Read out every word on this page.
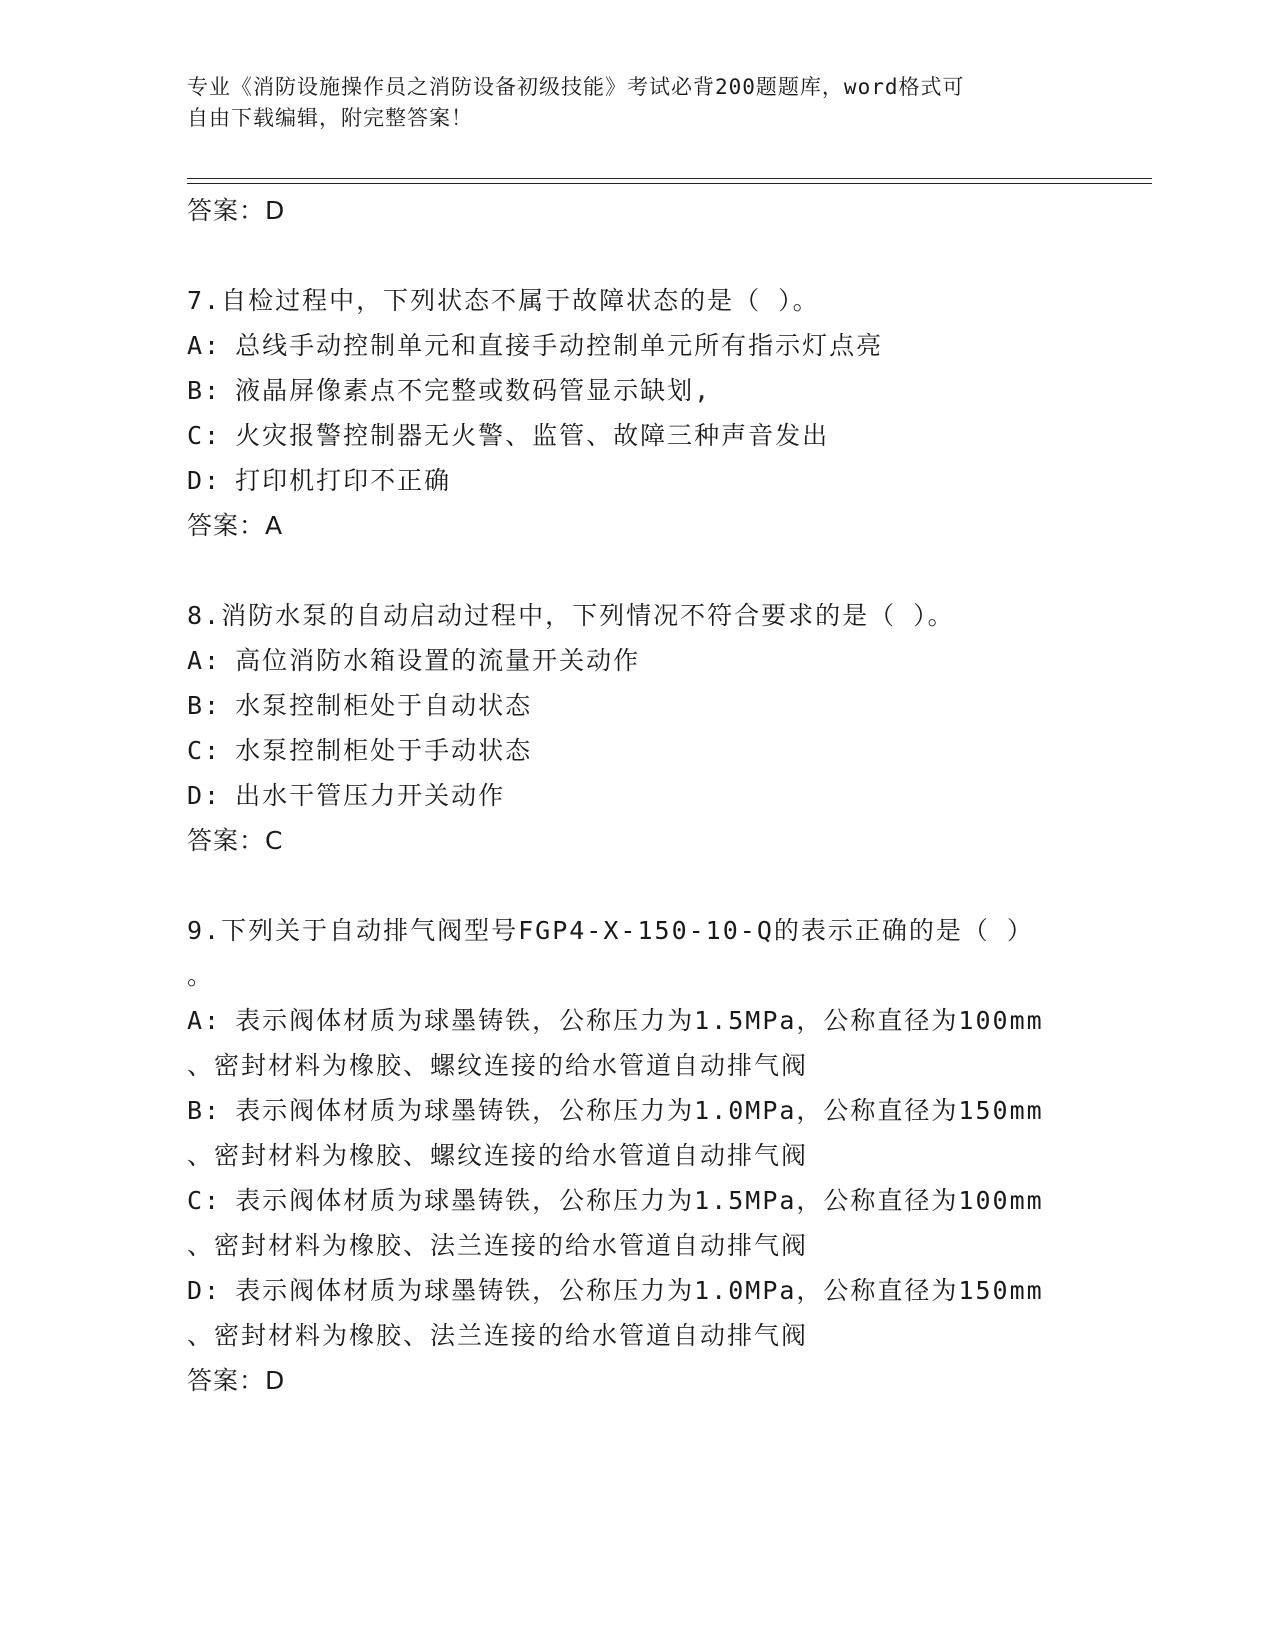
专业《消防设施操作员之消防设备初级技能》考试必背200题题库，word格式可
自由下载编辑，附完整答案！
答案：D
7.自检过程中，下列状态不属于故障状态的是（ ）。
A: 总线手动控制单元和直接手动控制单元所有指示灯点亮
B: 液晶屏像素点不完整或数码管显示缺划,
C: 火灾报警控制器无火警、监管、故障三种声音发出
D: 打印机打印不正确
答案：A
8.消防水泵的自动启动过程中，下列情况不符合要求的是（ ）。
A: 高位消防水箱设置的流量开关动作
B: 水泵控制柜处于自动状态
C: 水泵控制柜处于手动状态
D: 出水干管压力开关动作
答案：C
9.下列关于自动排气阀型号FGP4-X-150-10-Q的表示正确的是（ ）
。
A: 表示阀体材质为球墨铸铁，公称压力为1.5MPa，公称直径为100mm
、密封材料为橡胶、螺纹连接的给水管道自动排气阀
B: 表示阀体材质为球墨铸铁，公称压力为1.0MPa，公称直径为150mm
、密封材料为橡胶、螺纹连接的给水管道自动排气阀
C: 表示阀体材质为球墨铸铁，公称压力为1.5MPa，公称直径为100mm
、密封材料为橡胶、法兰连接的给水管道自动排气阀
D: 表示阀体材质为球墨铸铁，公称压力为1.0MPa，公称直径为150mm
、密封材料为橡胶、法兰连接的给水管道自动排气阀
答案：D
